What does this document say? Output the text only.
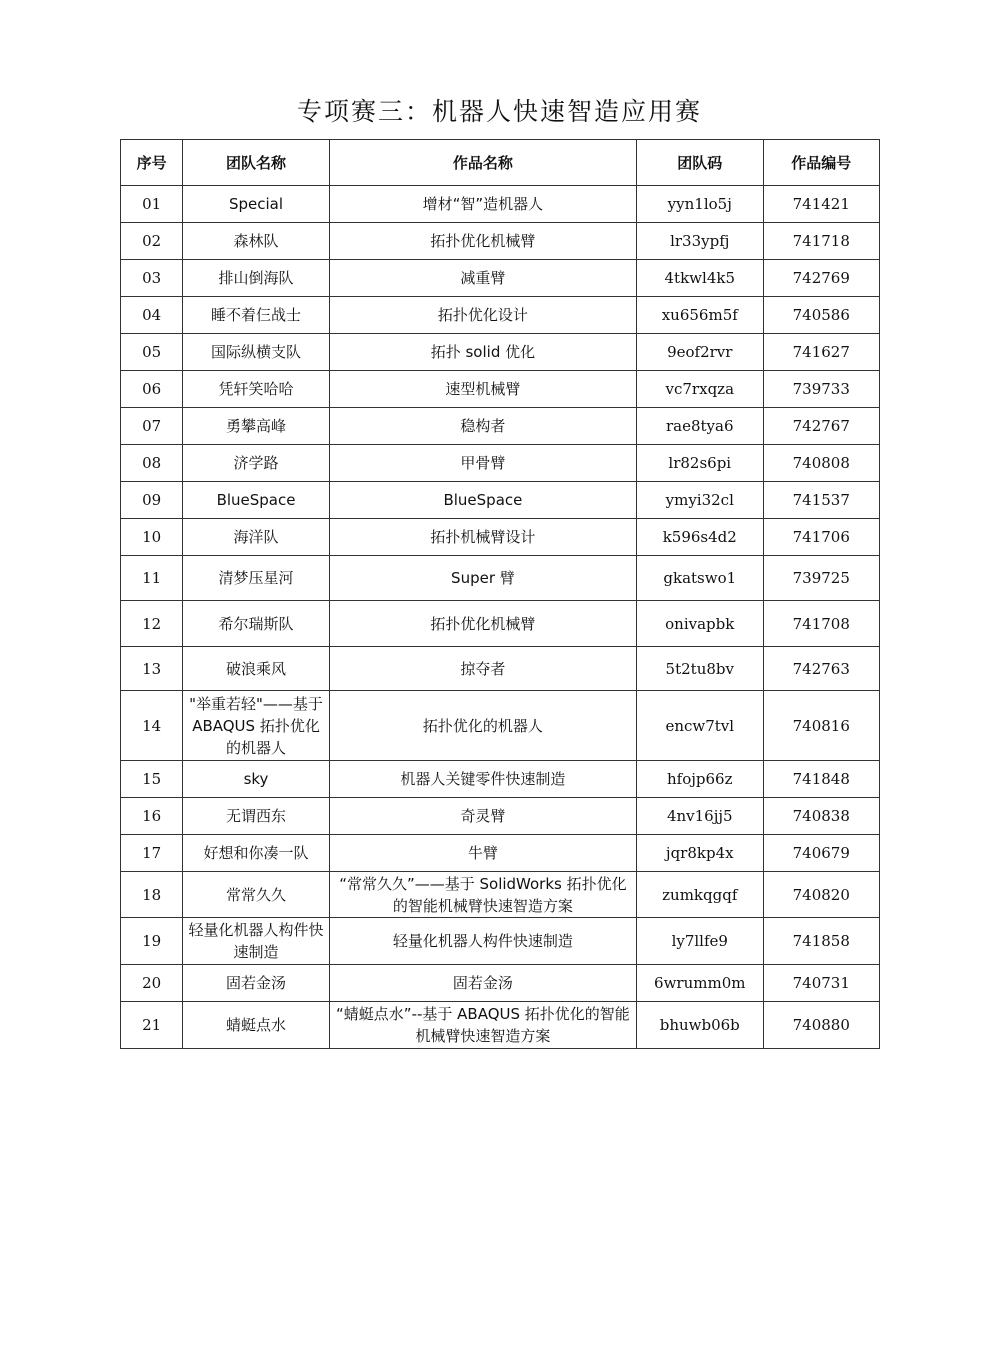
专项赛三：机器人快速智造应用赛
序号	团队名称	作品名称	团队码	作品编号
01	Special	增材“智”造机器人	yyn1lo5j	741421
02	森林队	拓扑优化机械臂	lr33ypfj	741718
03	排山倒海队	减重臂	4tkwl4k5	742769
04	睡不着仨战士	拓扑优化设计	xu656m5f	740586
05	国际纵横支队	拓扑 solid 优化	9eof2rvr	741627
06	凭轩笑哈哈	速型机械臂	vc7rxqza	739733
07	勇攀高峰	稳构者	rae8tya6	742767
08	济学路	甲骨臂	lr82s6pi	740808
09	BlueSpace	BlueSpace	ymyi32cl	741537
10	海洋队	拓扑机械臂设计	k596s4d2	741706
11	清梦压星河	Super 臂	gkatswo1	739725
12	希尔瑞斯队	拓扑优化机械臂	onivapbk	741708
13	破浪乘风	掠夺者	5t2tu8bv	742763
14	"举重若轻"——基于 ABAQUS 拓扑优化的机器人	拓扑优化的机器人	encw7tvl	740816
15	sky	机器人关键零件快速制造	hfojp66z	741848
16	无谓西东	奇灵臂	4nv16jj5	740838
17	好想和你凑一队	牛臂	jqr8kp4x	740679
18	常常久久	“常常久久”——基于 SolidWorks 拓扑优化的智能机械臂快速智造方案	zumkqgqf	740820
19	轻量化机器人构件快速制造	轻量化机器人构件快速制造	ly7llfe9	741858
20	固若金汤	固若金汤	6wrumm0m	740731
21	蜻蜓点水	“蜻蜓点水”--基于 ABAQUS 拓扑优化的智能机械臂快速智造方案	bhuwb06b	740880
